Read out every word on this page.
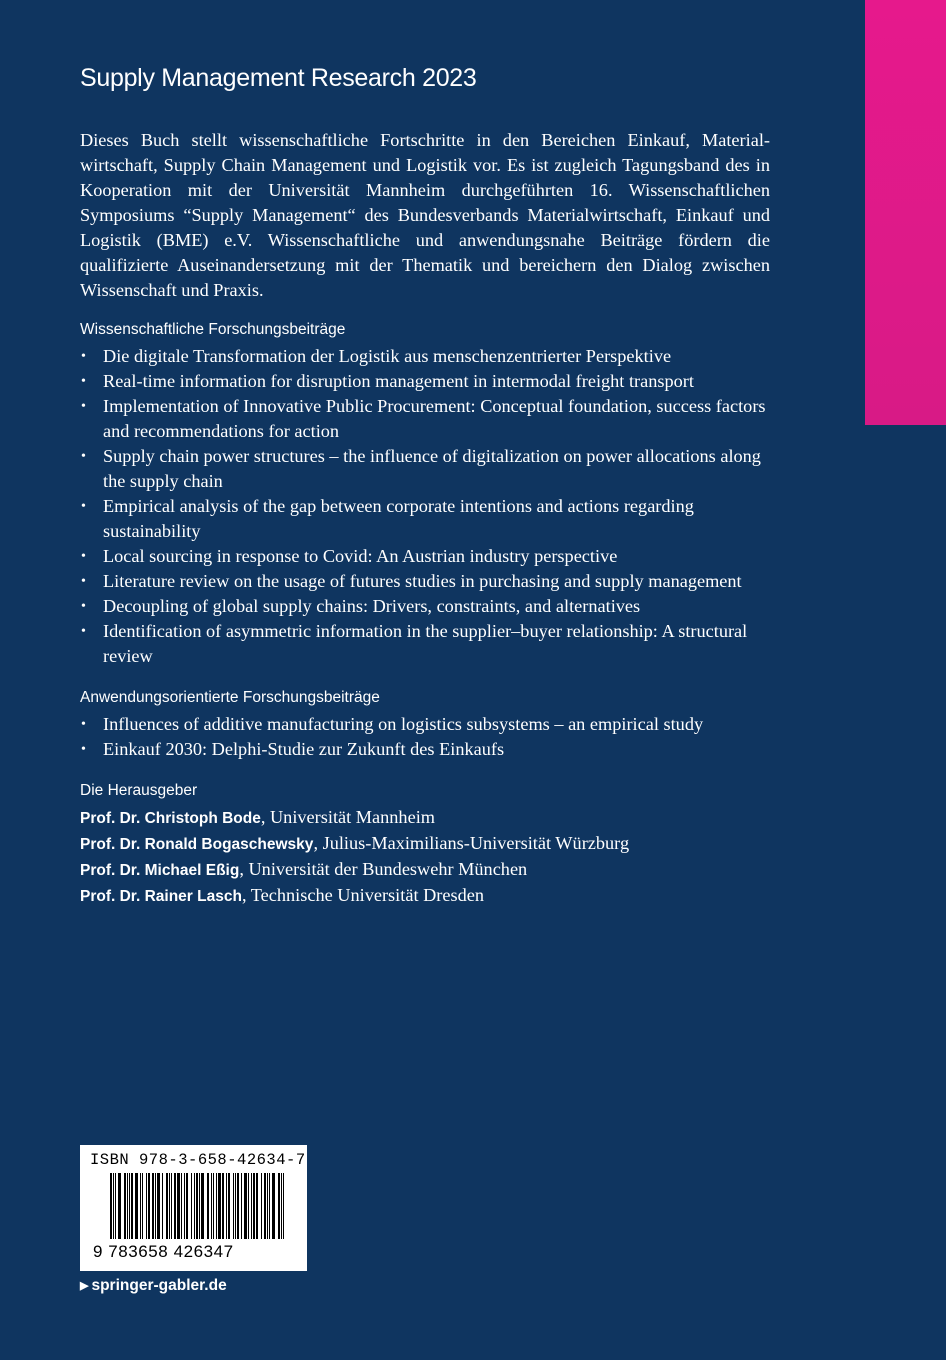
Supply Management Research 2023

Dieses Buch stellt wissenschaftliche Fortschritte in den Bereichen Einkauf, Materialwirtschaft, Supply Chain Management und Logistik vor. Es ist zugleich Tagungsband des in Kooperation mit der Universität Mannheim durchgeführten 16. Wissenschaftlichen Symposiums “Supply Management“ des Bundesverbands Materialwirtschaft, Einkauf und Logistik (BME) e.V. Wissenschaftliche und anwendungsnahe Beiträge fördern die qualifizierte Auseinandersetzung mit der Thematik und bereichern den Dialog zwischen Wissenschaft und Praxis.

Wissenschaftliche Forschungsbeiträge
• Die digitale Transformation der Logistik aus menschenzentrierter Perspektive
• Real-time information for disruption management in intermodal freight transport
• Implementation of Innovative Public Procurement: Conceptual foundation, success factors and recommendations for action
• Supply chain power structures – the influence of digitalization on power allocations along the supply chain
• Empirical analysis of the gap between corporate intentions and actions regarding sustainability
• Local sourcing in response to Covid: An Austrian industry perspective
• Literature review on the usage of futures studies in purchasing and supply management
• Decoupling of global supply chains: Drivers, constraints, and alternatives
• Identification of asymmetric information in the supplier–buyer relationship: A structural review
Anwendungsorientierte Forschungsbeiträge
• Influences of additive manufacturing on logistics subsystems – an empirical study
• Einkauf 2030: Delphi-Studie zur Zukunft des Einkaufs
Die Herausgeber
Prof. Dr. Christoph Bode, Universität Mannheim
Prof. Dr. Ronald Bogaschewsky, Julius-Maximilians-Universität Würzburg
Prof. Dr. Michael Eßig, Universität der Bundeswehr München
Prof. Dr. Rainer Lasch, Technische Universität Dresden
ISBN 978-3-658-42634-7
9 783658 426347
▶ springer-gabler.de
